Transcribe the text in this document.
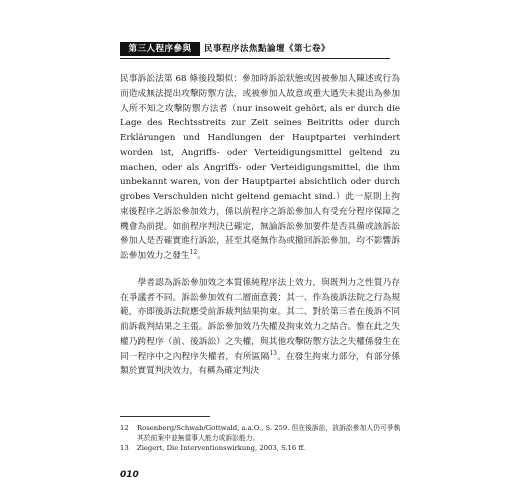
第三人程序參與	民事程序法焦點論壇《第七卷》

民事訴訟法第 68 條後段類似：參加時訴訟狀態或因被參加人陳述或行為而造成無法提出攻擊防禦方法，或被參加人故意或重大過失未提出為參加人所不知之攻擊防禦方法者（nur insoweit gehört, als er durch die Lage des Rechtsstreits zur Zeit seines Beitritts oder durch Erklärungen und Handlungen der Hauptpartei verhindert worden ist, Angriffs- oder Verteidigungsmittel geltend zu machen, oder als Angriffs- oder Verteidigungsmittel, die ihm unbekannt waren, von der Hauptpartei absichtlich oder durch grobes Verschulden nicht geltend gemacht sind.）此一原則上拘束後程序之訴訟參加效力，係以前程序之訴訟參加人有受充分程序保障之機會為前提。如前程序判決已確定，無論訴訟參加要件是否具備或該訴訟參加人是否確實進行訴訟，甚至其毫無作為或撤回訴訟參加，均不影響訴訟參加效力之發生$^{12}$。

  學者認為訴訟參加效之本質係純程序法上效力，與既判力之性質乃存在爭議者不同。訴訟參加效有二層面意義：其一、作為後訴法院之行為規範，亦即後訴法院應受前訴裁判結果拘束。其二、對於第三者在後訴不同前訴裁判結果之主張。訴訟參加效乃失權及拘束效力之結合。惟在此之失權乃跨程序（前、後訴訟）之失權，與其他攻擊防禦方法之失權係發生在同一程序中之內程序失權者，有所區隔$^{13}$。在發生拘束力部分，有部分係類於實質判決效力，有稱為確定判決

12	Rosenberg/Schwab/Gottwald, a.a.O., S. 259. 但在後訴訟，該訴訟參加人仍可爭執其於前案中並無當事人能力或訴訟能力。
13	Ziegert, Die Interventionswirkung, 2003, S.16 ff.
010
